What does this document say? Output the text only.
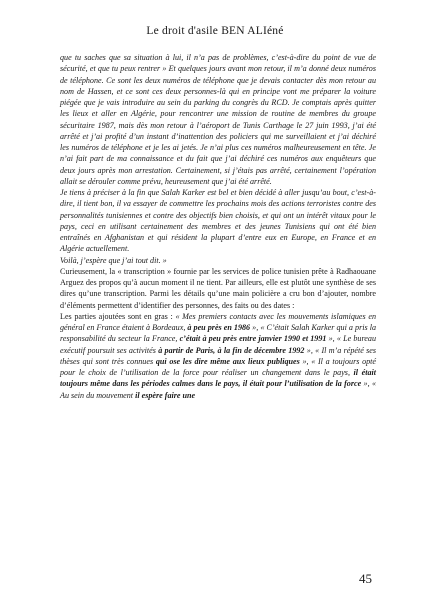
Le droit d'asile BEN ALIéné

que tu saches que sa situation à lui, il n’a pas de problèmes, c’est-à-dire du point de vue de sécurité, et que tu peux rentrer » Et quelques jours avant mon retour, il m’a donné deux numéros de téléphone. Ce sont les deux numéros de téléphone que je devais contacter dès mon retour au nom de Hassen, et ce sont ces deux personnes-là qui en principe vont me préparer la voiture piégée que je vais introduire au sein du parking du congrès du RCD. Je comptais après quitter les lieux et aller en Algérie, pour rencontrer une mission de routine de membres du groupe sécuritaire 1987, mais dès mon retour à l’aéroport de Tunis Carthage le 27 juin 1993, j’ai été arrêté et j’ai profité d’un instant d’inattention des policiers qui me surveillaient et j’ai déchiré les numéros de téléphone et je les ai jetés. Je n’ai plus ces numéros malheureusement en tête. Je n’ai fait part de ma connaissance et du fait que j’ai déchiré ces numéros aux enquêteurs que deux jours après mon arrestation. Certainement, si j’étais pas arrêté, certainement l’opération allait se dérouler comme prévu, heureusement que j’ai été arrêté.

Je tiens à préciser à la fin que Salah Karker est bel et bien décidé à aller jusqu’au bout, c’est-à-dire, il tient bon, il va essayer de commettre les prochains mois des actions terroristes contre des personnalités tunisiennes et contre des objectifs bien choisis, et qui ont un intérêt vitaux pour le pays, ceci en utilisant certainement des membres et des jeunes Tunisiens qui ont été bien entraînés en Afghanistan et qui résident la plupart d’entre eux en Europe, en France et en Algérie actuellement.

Voilà, j’espère que j’ai tout dit. »

Curieusement, la « transcription » fournie par les services de police tunisien prête à Radhaouane Arguez des propos qu’à aucun moment il ne tient. Par ailleurs, elle est plutôt une synthèse de ses dires qu’une transcription. Parmi les détails qu’une main policière a cru bon d’ajouter, nombre d’éléments permettent d’identifier des personnes, des faits ou des dates :

Les parties ajoutées sont en gras : « Mes premiers contacts avec les mouvements islamiques en général en France étaient à Bordeaux, à peu près en 1986 », « C’était Salah Karker qui a pris la responsabilité du secteur la France, c’était à peu près entre janvier 1990 et 1991 », « Le bureau exécutif poursuit ses activités à partir de Paris, à la fin de décembre 1992 », « Il m’a répété ses thèses qui sont très connues qui ose les dire même aux lieux publiques », « Il a toujours opté pour le choix de l’utilisation de la force pour réaliser un changement dans le pays, il était toujours même dans les périodes calmes dans le pays, il était pour l’utilisation de la force », « Au sein du mouvement il espère faire une

45
